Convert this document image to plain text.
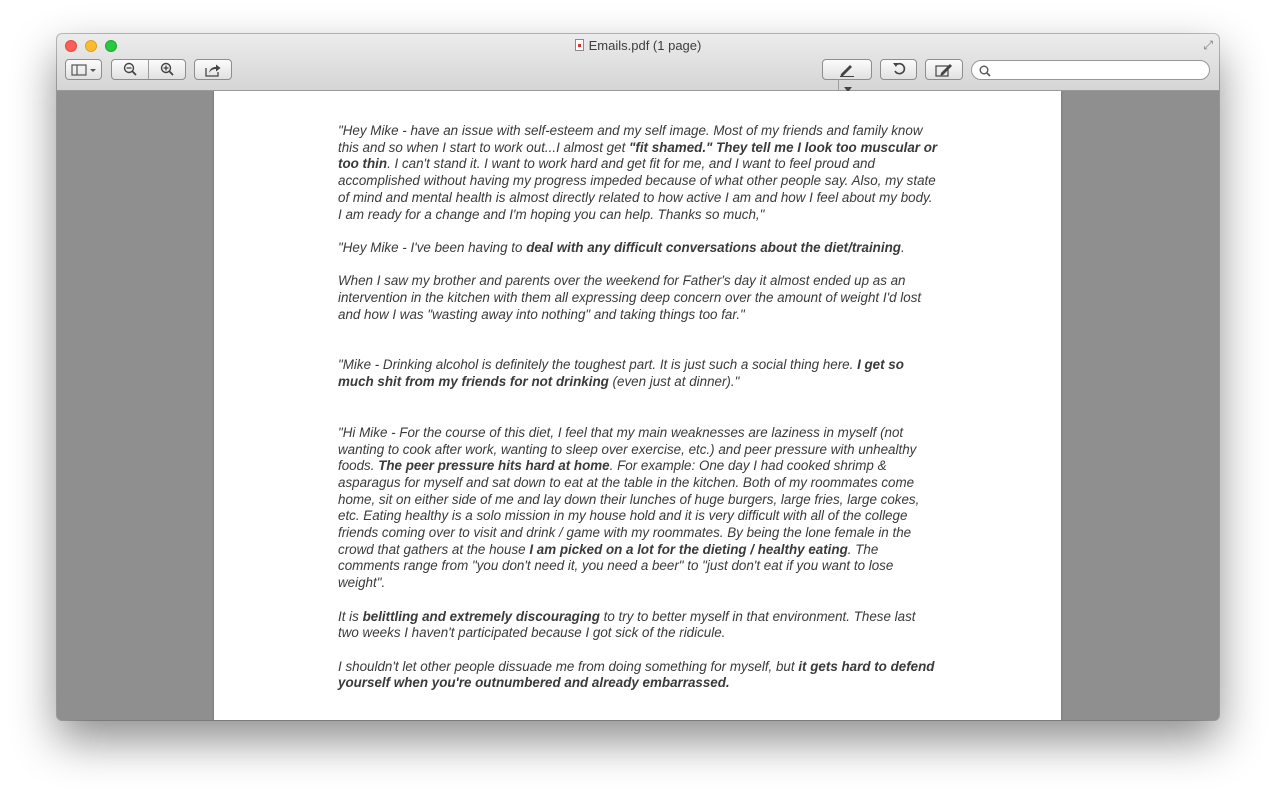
Emails.pdf (1 page)	⤢

"Hey Mike - have an issue with self-esteem and my self image. Most of my friends and family know this and so when I start to work out...I almost get "fit shamed." They tell me I look too muscular or too thin. I can't stand it. I want to work hard and get fit for me, and I want to feel proud and accomplished without having my progress impeded because of what other people say. Also, my state of mind and mental health is almost directly related to how active I am and how I feel about my body. I am ready for a change and I'm hoping you can help. Thanks so much,"

"Hey Mike - I've been having to deal with any difficult conversations about the diet/training.

When I saw my brother and parents over the weekend for Father's day it almost ended up as an intervention in the kitchen with them all expressing deep concern over the amount of weight I'd lost and how I was "wasting away into nothing" and taking things too far."

"Mike - Drinking alcohol is definitely the toughest part. It is just such a social thing here. I get so much shit from my friends for not drinking (even just at dinner)."

"Hi Mike - For the course of this diet, I feel that my main weaknesses are laziness in myself (not wanting to cook after work, wanting to sleep over exercise, etc.) and peer pressure with unhealthy foods. The peer pressure hits hard at home. For example: One day I had cooked shrimp & asparagus for myself and sat down to eat at the table in the kitchen. Both of my roommates come home, sit on either side of me and lay down their lunches of huge burgers, large fries, large cokes, etc. Eating healthy is a solo mission in my house hold and it is very difficult with all of the college friends coming over to visit and drink / game with my roommates. By being the lone female in the crowd that gathers at the house I am picked on a lot for the dieting / healthy eating. The comments range from "you don't need it, you need a beer" to "just don't eat if you want to lose weight".

It is belittling and extremely discouraging to try to better myself in that environment. These last two weeks I haven't participated because I got sick of the ridicule.

I shouldn't let other people dissuade me from doing something for myself, but it gets hard to defend yourself when you're outnumbered and already embarrassed.
